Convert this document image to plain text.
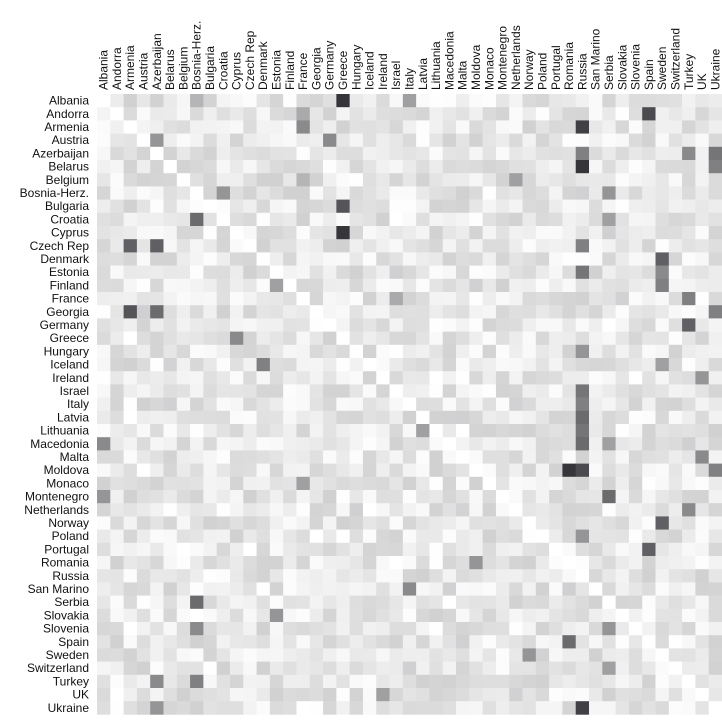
Albania Andorra Armenia Austria Azerbaijan Belarus Belgium Bosnia-Herz. Bulgaria Croatia Cyprus Czech Rep Denmark Estonia Finland France Georgia Germany Greece Hungary Iceland Ireland Israel Italy Latvia Lithuania Macedonia Malta Moldova Monaco Montenegro Netherlands Norway Poland Portugal Romania Russia San Marino Serbia Slovakia Slovenia Spain Sweden Switzerland Turkey UK Ukraine
Albania
Andorra
Armenia
Austria
Azerbaijan
Belarus
Belgium
Bosnia-Herz.
Bulgaria
Croatia
Cyprus
Czech Rep
Denmark
Estonia
Finland
France
Georgia
Germany
Greece
Hungary
Iceland
Ireland
Israel
Italy
Latvia
Lithuania
Macedonia
Malta
Moldova
Monaco
Montenegro
Netherlands
Norway
Poland
Portugal
Romania
Russia
San Marino
Serbia
Slovakia
Slovenia
Spain
Sweden
Switzerland
Turkey
UK
Ukraine
